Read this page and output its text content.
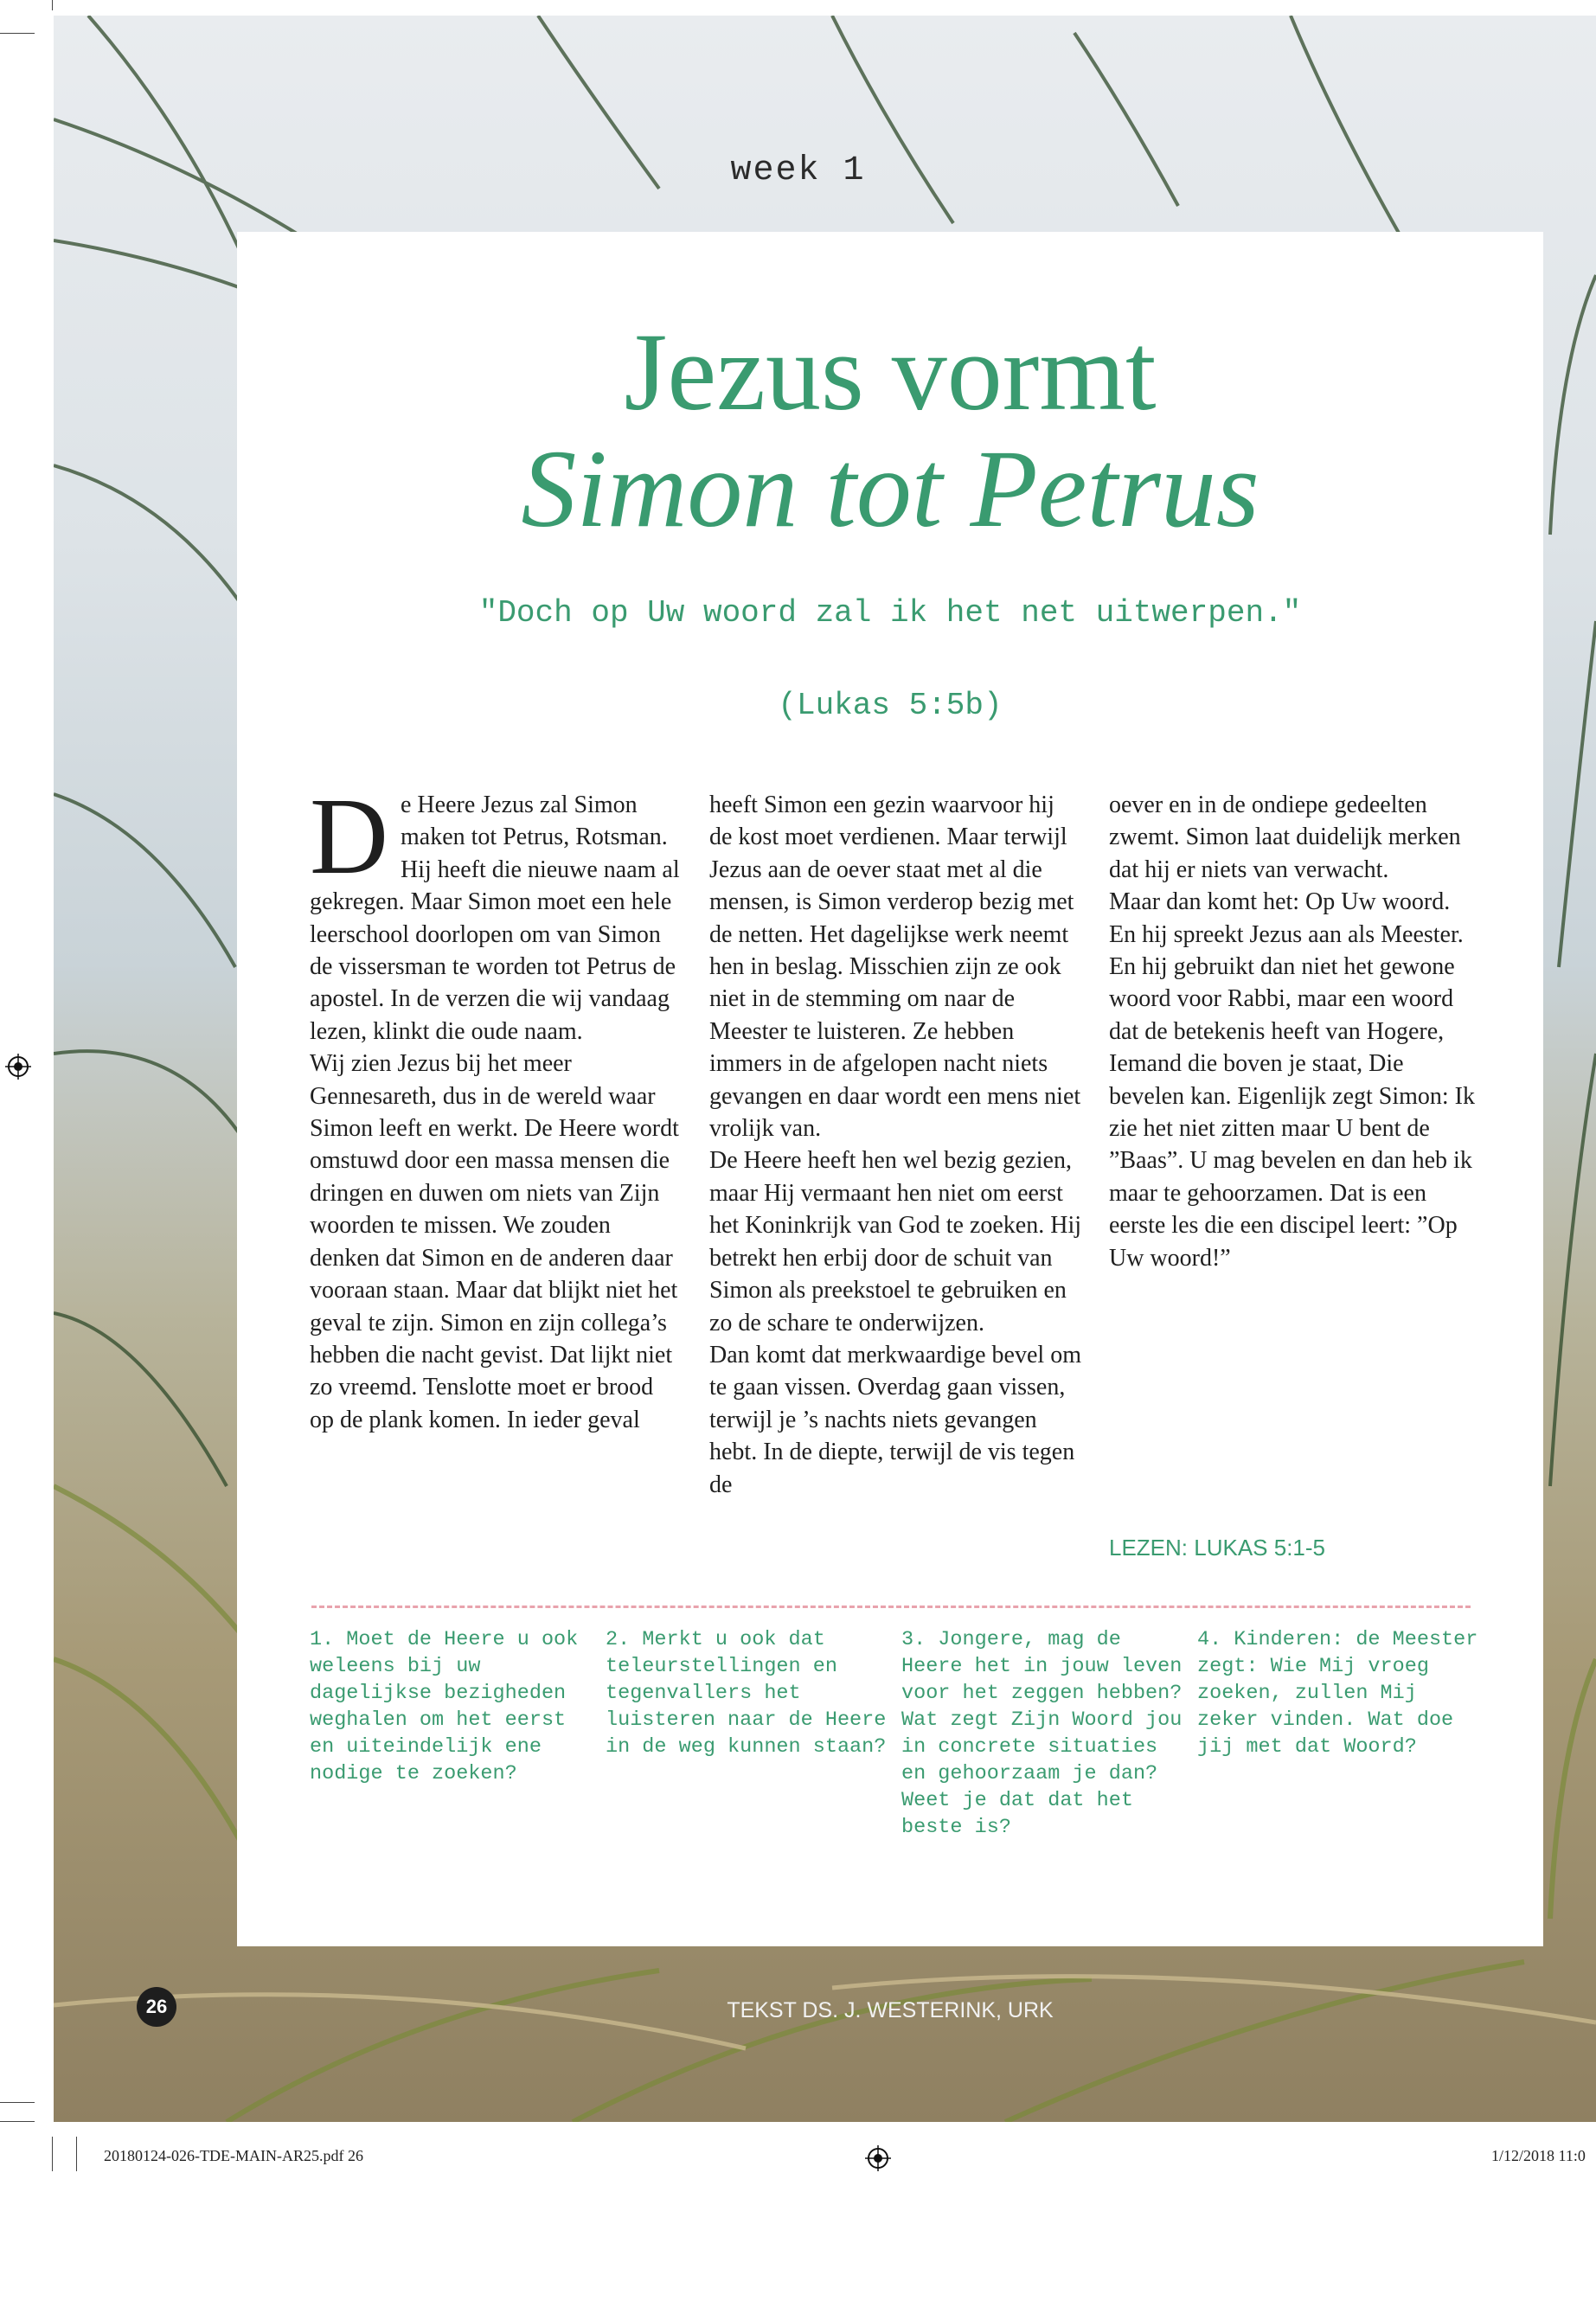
week 1
Jezus vormt
Simon tot Petrus
"Doch op Uw woord zal ik het net uitwerpen."
(Lukas 5:5b)
D e Heere Jezus zal Simon maken tot Petrus, Rotsman. Hij heeft die nieuwe naam al gekregen. Maar Simon moet een hele leerschool doorlopen om van Simon de vissersman te worden tot Petrus de apostel. In de verzen die wij vandaag lezen, klinkt die oude naam.

Wij zien Jezus bij het meer Gennesareth, dus in de wereld waar Simon leeft en werkt. De Heere wordt omstuwd door een massa mensen die dringen en duwen om niets van Zijn woorden te missen. We zouden denken dat Simon en de anderen daar vooraan staan. Maar dat blijkt niet het geval te zijn. Simon en zijn collega’s hebben die nacht gevist. Dat lijkt niet zo vreemd. Tenslotte moet er brood op de plank komen. In ieder geval

heeft Simon een gezin waarvoor hij de kost moet verdienen. Maar terwijl Jezus aan de oever staat met al die mensen, is Simon verderop bezig met de netten. Het dagelijkse werk neemt hen in beslag. Misschien zijn ze ook niet in de stemming om naar de Meester te luisteren. Ze hebben immers in de afgelopen nacht niets gevangen en daar wordt een mens niet vrolijk van.

De Heere heeft hen wel bezig gezien, maar Hij vermaant hen niet om eerst het Koninkrijk van God te zoeken. Hij betrekt hen erbij door de schuit van Simon als preekstoel te gebruiken en zo de schare te onderwijzen.

Dan komt dat merkwaardige bevel om te gaan vissen. Overdag gaan vissen, terwijl je ’s nachts niets gevangen hebt. In de diepte, terwijl de vis tegen de

oever en in de ondiepe gedeelten zwemt. Simon laat duidelijk merken dat hij er niets van verwacht.

Maar dan komt het: Op Uw woord. En hij spreekt Jezus aan als Meester. En hij gebruikt dan niet het gewone woord voor Rabbi, maar een woord dat de betekenis heeft van Hogere, Iemand die boven je staat, Die bevelen kan. Eigenlijk zegt Simon: Ik zie het niet zitten maar U bent de ”Baas”. U mag bevelen en dan heb ik maar te gehoorzamen. Dat is een eerste les die een discipel leert: ”Op Uw woord!”

LEZEN: LUKAS 5:1-5
1. Moet de Heere u ook weleens bij uw dagelijkse bezigheden weghalen om het eerst en uiteindelijk ene nodige te zoeken?
2. Merkt u ook dat teleurstellingen en tegenvallers het luisteren naar de Heere in de weg kunnen staan?
3. Jongere, mag de Heere het in jouw leven voor het zeggen hebben? Wat zegt Zijn Woord jou in concrete situaties en gehoorzaam je dan? Weet je dat dat het beste is?
4. Kinderen: de Meester zegt: Wie Mij vroeg zoeken, zullen Mij zeker vinden. Wat doe jij met dat Woord?
26	TEKST DS. J. WESTERINK, URK
20180124-026-TDE-MAIN-AR25.pdf 26	1/12/2018 11:0
